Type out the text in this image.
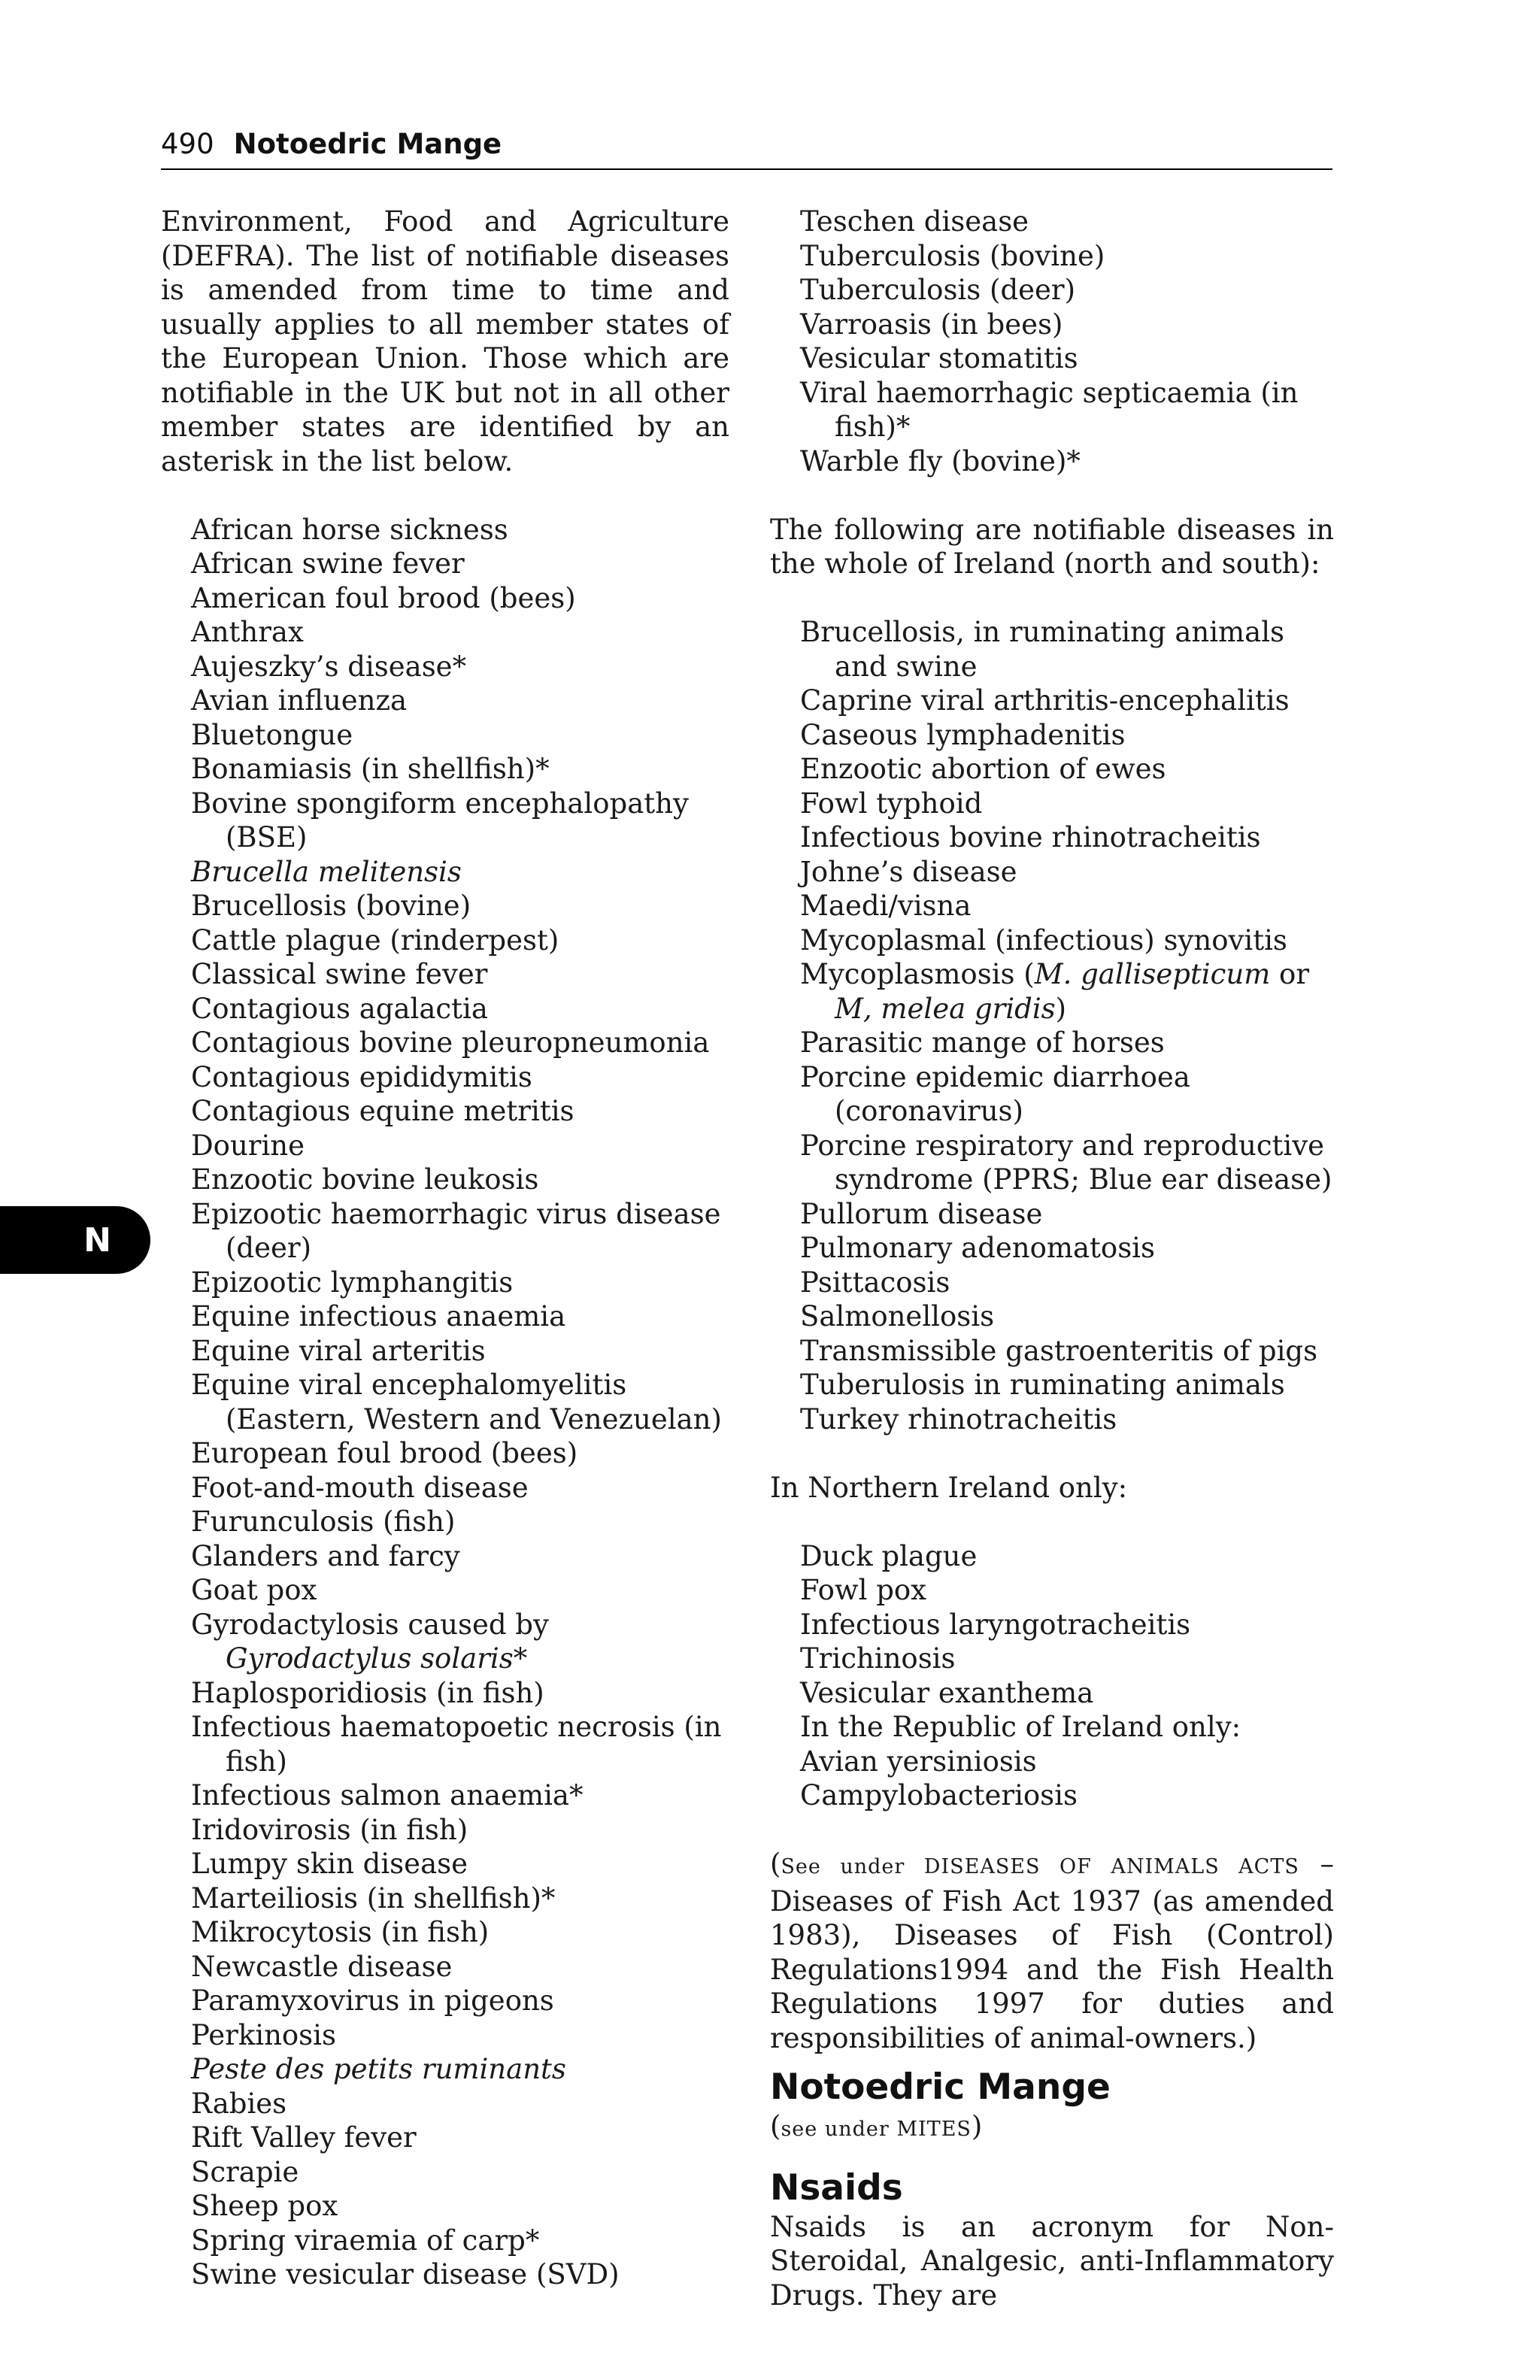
490 Notoedric Mange
N

Environment, Food and Agriculture (DEFRA). The list of notifiable diseases is amended from time to time and usually applies to all member states of the European Union. Those which are notifiable in the UK but not in all other member states are identified by an asterisk in the list below.

African horse sickness
African swine fever
American foul brood (bees)
Anthrax
Aujeszky’s disease*
Avian influenza
Bluetongue
Bonamiasis (in shellfish)*
Bovine spongiform encephalopathy (BSE)
Brucella melitensis
Brucellosis (bovine)
Cattle plague (rinderpest)
Classical swine fever
Contagious agalactia
Contagious bovine pleuropneumonia
Contagious epididymitis
Contagious equine metritis
Dourine
Enzootic bovine leukosis
Epizootic haemorrhagic virus disease (deer)
Epizootic lymphangitis
Equine infectious anaemia
Equine viral arteritis
Equine viral encephalomyelitis (Eastern, Western and Venezuelan)
European foul brood (bees)
Foot-and-mouth disease
Furunculosis (fish)
Glanders and farcy
Goat pox
Gyrodactylosis caused by Gyrodactylus solaris*
Haplosporidiosis (in fish)
Infectious haematopoetic necrosis (in fish)
Infectious salmon anaemia*
Iridovirosis (in fish)
Lumpy skin disease
Marteiliosis (in shellfish)*
Mikrocytosis (in fish)
Newcastle disease
Paramyxovirus in pigeons
Perkinosis
Peste des petits ruminants
Rabies
Rift Valley fever
Scrapie
Sheep pox
Spring viraemia of carp*
Swine vesicular disease (SVD)
Teschen disease
Tuberculosis (bovine)
Tuberculosis (deer)
Varroasis (in bees)
Vesicular stomatitis
Viral haemorrhagic septicaemia (in fish)*
Warble fly (bovine)*

The following are notifiable diseases in the whole of Ireland (north and south):

Brucellosis, in ruminating animals and swine
Caprine viral arthritis-encephalitis
Caseous lymphadenitis
Enzootic abortion of ewes
Fowl typhoid
Infectious bovine rhinotracheitis
Johne’s disease
Maedi/visna
Mycoplasmal (infectious) synovitis
Mycoplasmosis (M. gallisepticum or M, melea gridis)
Parasitic mange of horses
Porcine epidemic diarrhoea (coronavirus)
Porcine respiratory and reproductive syndrome (PPRS; Blue ear disease)
Pullorum disease
Pulmonary adenomatosis
Psittacosis
Salmonellosis
Transmissible gastroenteritis of pigs
Tuberulosis in ruminating animals
Turkey rhinotracheitis

In Northern Ireland only:

Duck plague
Fowl pox
Infectious laryngotracheitis
Trichinosis
Vesicular exanthema
In the Republic of Ireland only:
Avian yersiniosis
Campylobacteriosis

(See under DISEASES OF ANIMALS ACTS – Diseases of Fish Act 1937 (as amended 1983), Diseases of Fish (Control) Regulations1994 and the Fish Health Regulations 1997 for duties and responsibilities of animal-owners.)

Notoedric Mange

(see under MITES)

Nsaids

Nsaids is an acronym for Non-Steroidal, Analgesic, anti-Inflammatory Drugs. They are
